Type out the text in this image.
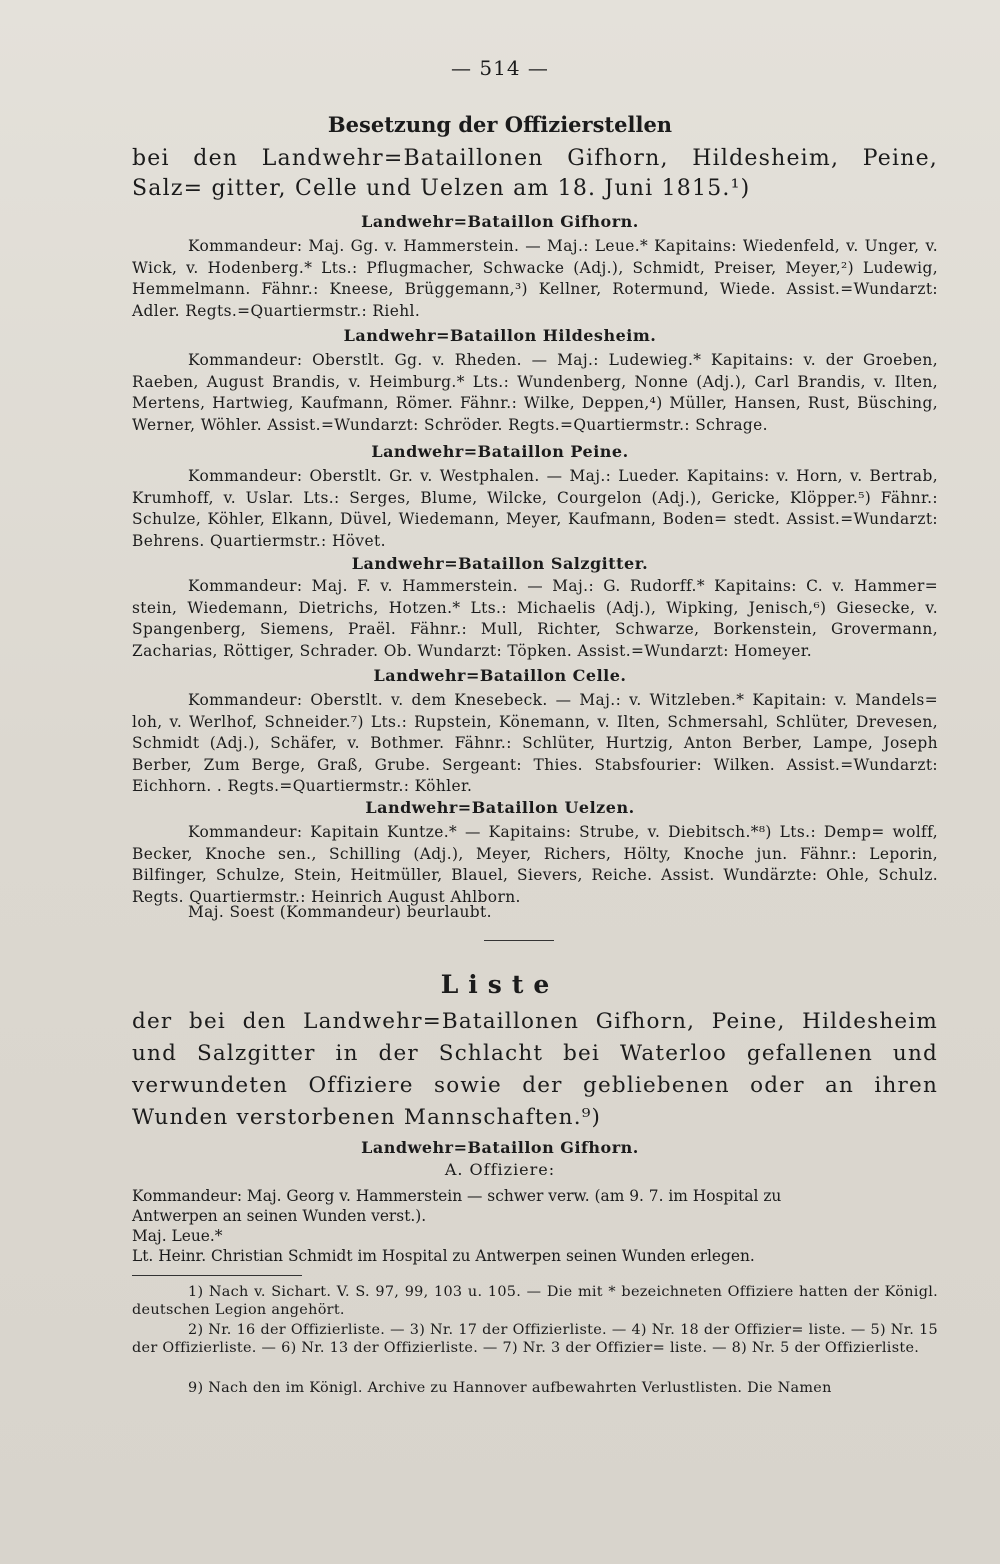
— 514 —
Besetzung der Offizierstellen
bei den Landwehr=Bataillonen Gifhorn, Hildesheim, Peine, Salz= gitter, Celle und Uelzen am 18. Juni 1815.¹)
Landwehr=Bataillon Gifhorn.
Kommandeur: Maj. Gg. v. Hammerstein. — Maj.: Leue.* Kapitains: Wiedenfeld, v. Unger, v. Wick, v. Hodenberg.* Lts.: Pflugmacher, Schwacke (Adj.), Schmidt, Preiser, Meyer,²) Ludewig, Hemmelmann. Fähnr.: Kneese, Brüggemann,³) Kellner, Rotermund, Wiede. Assist.=Wundarzt: Adler. Regts.=Quartiermstr.: Riehl.
Landwehr=Bataillon Hildesheim.
Kommandeur: Oberstlt. Gg. v. Rheden. — Maj.: Ludewieg.* Kapitains: v. der Groeben, Raeben, August Brandis, v. Heimburg.* Lts.: Wundenberg, Nonne (Adj.), Carl Brandis, v. Ilten, Mertens, Hartwieg, Kaufmann, Römer. Fähnr.: Wilke, Deppen,⁴) Müller, Hansen, Rust, Büsching, Werner, Wöhler. Assist.=Wundarzt: Schröder. Regts.=Quartiermstr.: Schrage.
Landwehr=Bataillon Peine.
Kommandeur: Oberstlt. Gr. v. Westphalen. — Maj.: Lueder. Kapitains: v. Horn, v. Bertrab, Krumhoff, v. Uslar. Lts.: Serges, Blume, Wilcke, Courgelon (Adj.), Gericke, Klöpper.⁵) Fähnr.: Schulze, Köhler, Elkann, Düvel, Wiedemann, Meyer, Kaufmann, Boden= stedt. Assist.=Wundarzt: Behrens. Quartiermstr.: Hövet.
Landwehr=Bataillon Salzgitter.
Kommandeur: Maj. F. v. Hammerstein. — Maj.: G. Rudorff.* Kapitains: C. v. Hammer= stein, Wiedemann, Dietrichs, Hotzen.* Lts.: Michaelis (Adj.), Wipking, Jenisch,⁶) Giesecke, v. Spangenberg, Siemens, Praël. Fähnr.: Mull, Richter, Schwarze, Borkenstein, Grovermann, Zacharias, Röttiger, Schrader. Ob. Wundarzt: Töpken. Assist.=Wundarzt: Homeyer.
Landwehr=Bataillon Celle.
Kommandeur: Oberstlt. v. dem Knesebeck. — Maj.: v. Witzleben.* Kapitain: v. Mandels= loh, v. Werlhof, Schneider.⁷) Lts.: Rupstein, Könemann, v. Ilten, Schmersahl, Schlüter, Drevesen, Schmidt (Adj.), Schäfer, v. Bothmer. Fähnr.: Schlüter, Hurtzig, Anton Berber, Lampe, Joseph Berber, Zum Berge, Graß, Grube. Sergeant: Thies. Stabsfourier: Wilken. Assist.=Wundarzt: Eichhorn. . Regts.=Quartiermstr.: Köhler.
Landwehr=Bataillon Uelzen.
Kommandeur: Kapitain Kuntze.* — Kapitains: Strube, v. Diebitsch.*⁸) Lts.: Demp= wolff, Becker, Knoche sen., Schilling (Adj.), Meyer, Richers, Hölty, Knoche jun. Fähnr.: Leporin, Bilfinger, Schulze, Stein, Heitmüller, Blauel, Sievers, Reiche. Assist. Wundärzte: Ohle, Schulz. Regts. Quartiermstr.: Heinrich August Ahlborn.
Maj. Soest (Kommandeur) beurlaubt.
Liste
der bei den Landwehr=Bataillonen Gifhorn, Peine, Hildesheim und Salzgitter in der Schlacht bei Waterloo gefallenen und verwundeten Offiziere sowie der gebliebenen oder an ihren Wunden verstorbenen Mannschaften.⁹)
Landwehr=Bataillon Gifhorn.
A. Offiziere:
Kommandeur: Maj. Georg v. Hammerstein — schwer verw. (am 9. 7. im Hospital zu
Antwerpen an seinen Wunden verst.).
Maj. Leue.*
Lt. Heinr. Christian Schmidt im Hospital zu Antwerpen seinen Wunden erlegen.
1) Nach v. Sichart. V. S. 97, 99, 103 u. 105. — Die mit * bezeichneten Offiziere hatten der Königl. deutschen Legion angehört.
2) Nr. 16 der Offizierliste. — 3) Nr. 17 der Offizierliste. — 4) Nr. 18 der Offizier= liste. — 5) Nr. 15 der Offizierliste. — 6) Nr. 13 der Offizierliste. — 7) Nr. 3 der Offizier= liste. — 8) Nr. 5 der Offizierliste.
9) Nach den im Königl. Archive zu Hannover aufbewahrten Verlustlisten. Die Namen
